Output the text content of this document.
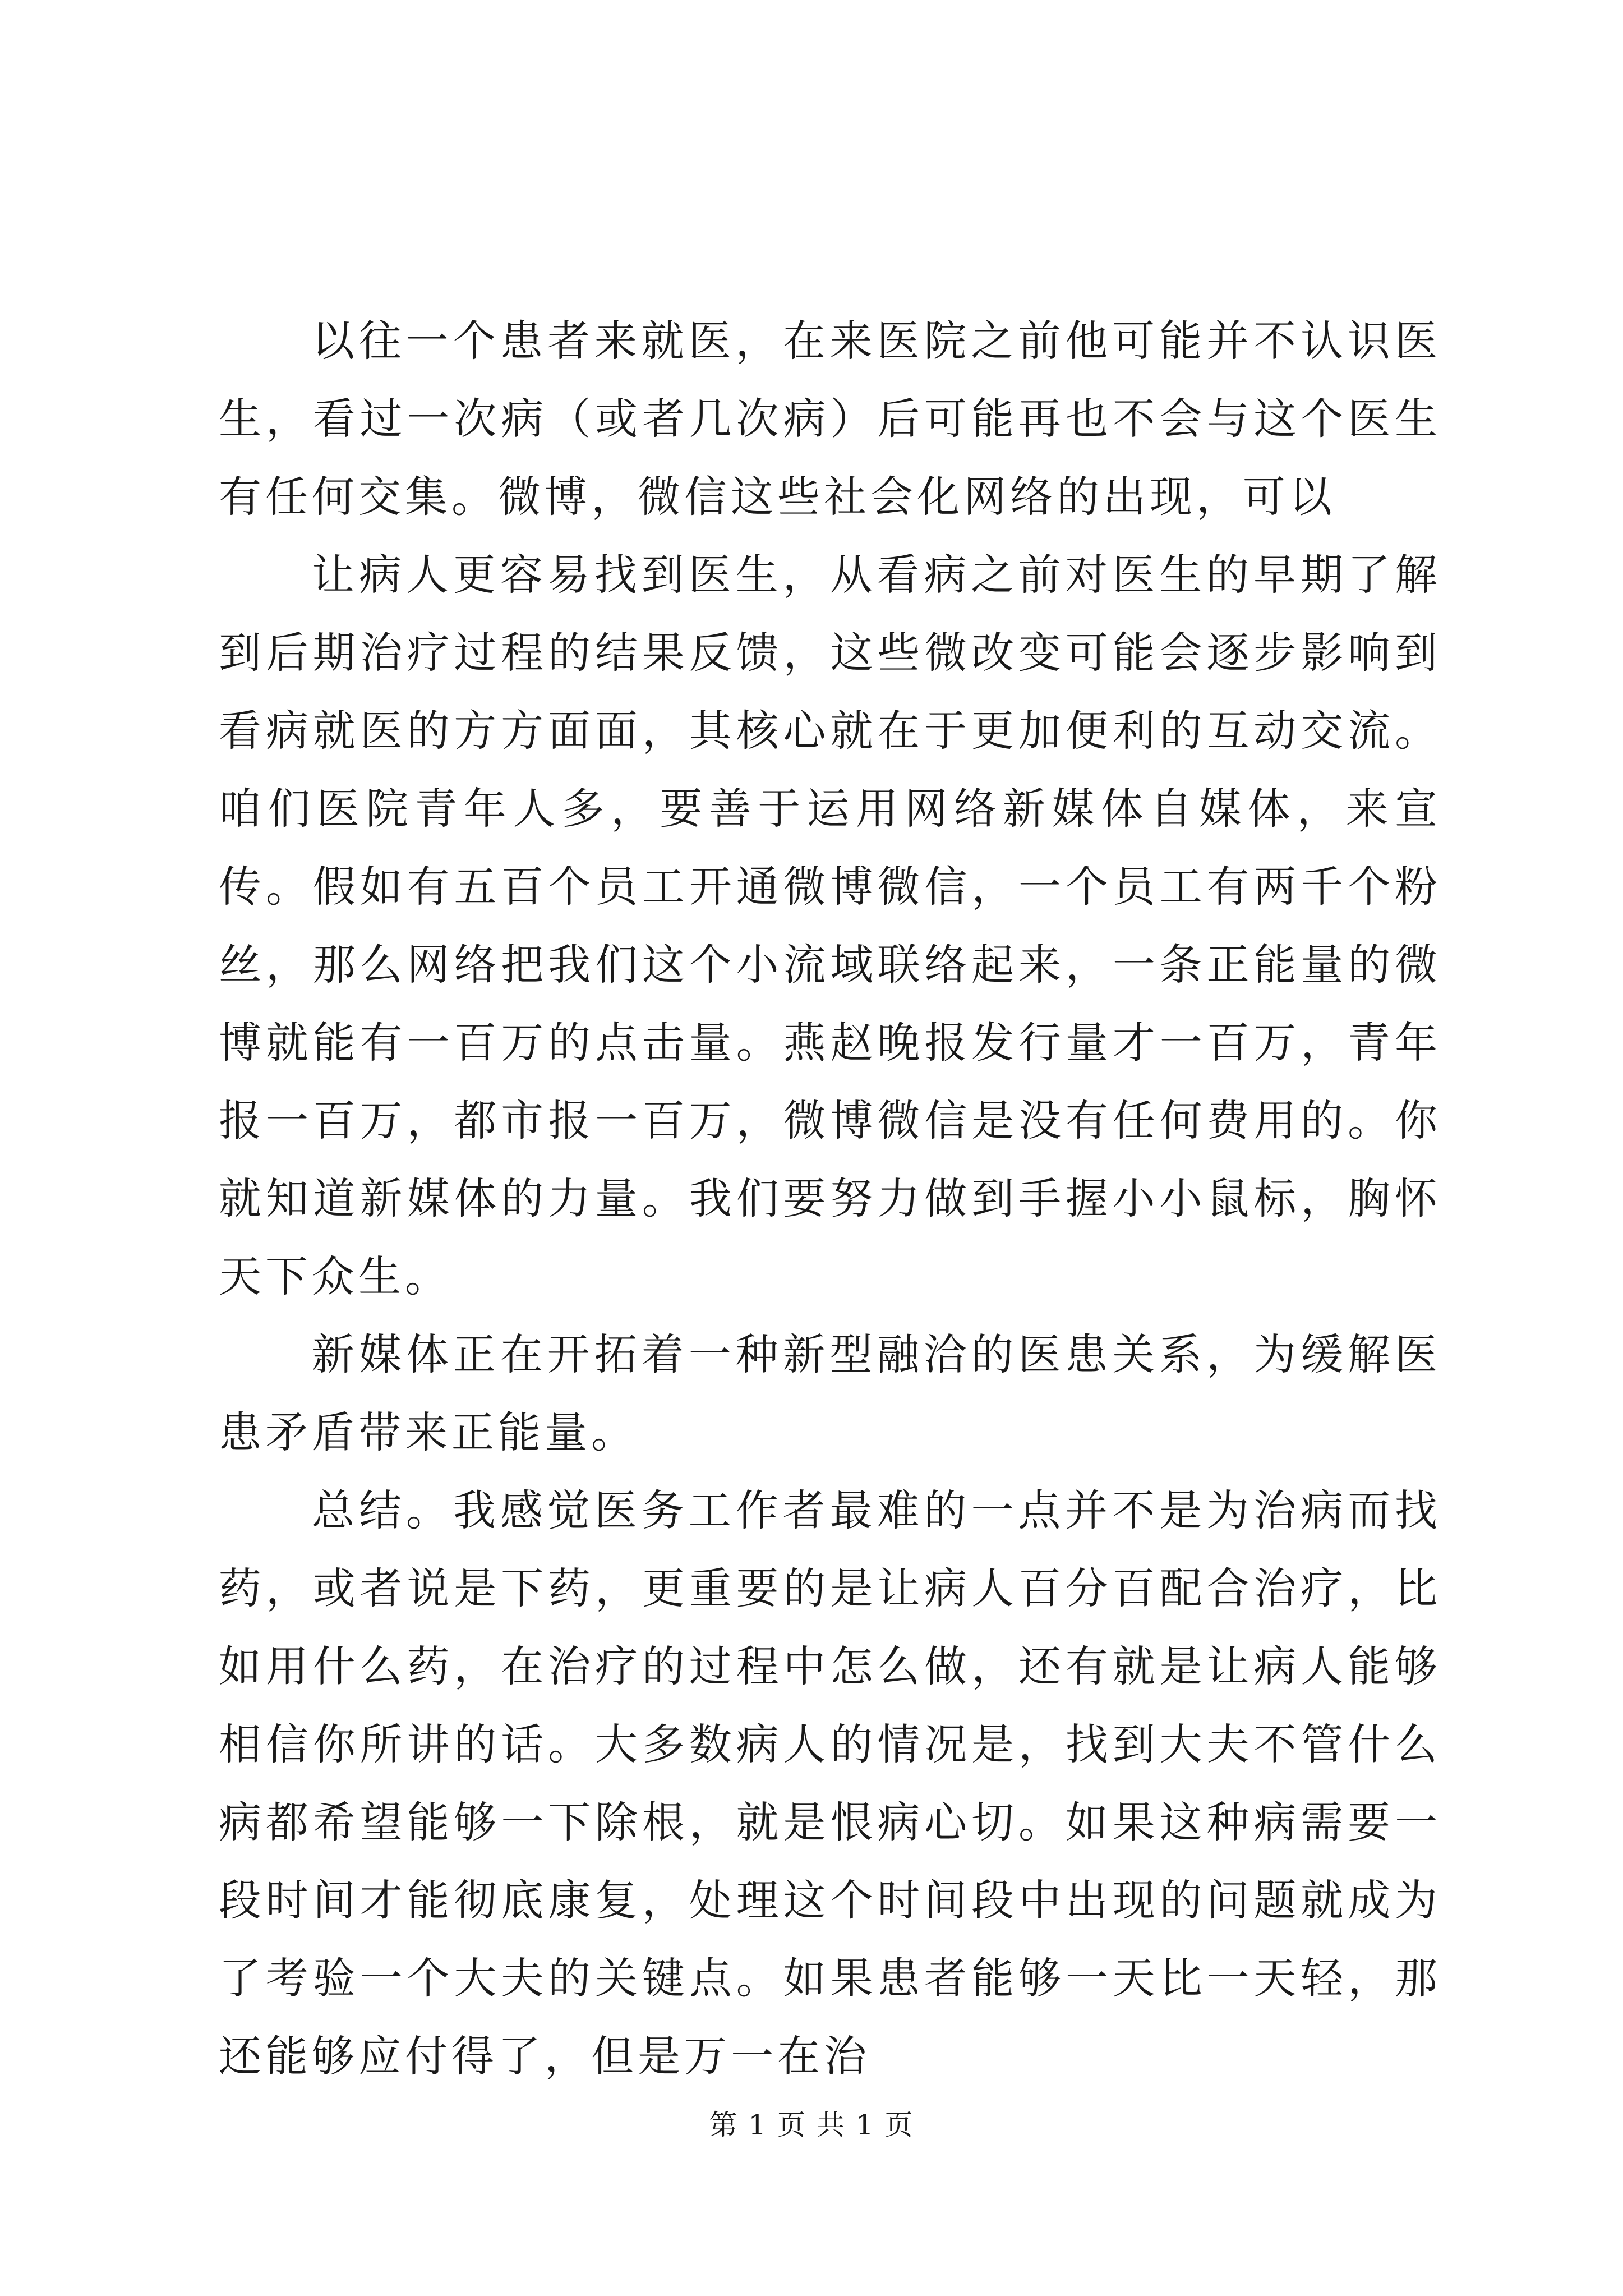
以往一个患者来就医，在来医院之前他可能并不认识医生，看过一次病（或者几次病）后可能再也不会与这个医生有任何交集。微博，微信这些社会化网络的出现，可以

让病人更容易找到医生，从看病之前对医生的早期了解到后期治疗过程的结果反馈，这些微改变可能会逐步影响到看病就医的方方面面，其核心就在于更加便利的互动交流。咱们医院青年人多，要善于运用网络新媒体自媒体，来宣传。假如有五百个员工开通微博微信，一个员工有两千个粉丝，那么网络把我们这个小流域联络起来，一条正能量的微博就能有一百万的点击量。燕赵晚报发行量才一百万，青年报一百万，都市报一百万，微博微信是没有任何费用的。你就知道新媒体的力量。我们要努力做到手握小小鼠标，胸怀天下众生。

新媒体正在开拓着一种新型融洽的医患关系，为缓解医患矛盾带来正能量。

总结。我感觉医务工作者最难的一点并不是为治病而找药，或者说是下药，更重要的是让病人百分百配合治疗，比如用什么药，在治疗的过程中怎么做，还有就是让病人能够相信你所讲的话。大多数病人的情况是，找到大夫不管什么病都希望能够一下除根，就是恨病心切。如果这种病需要一段时间才能彻底康复，处理这个时间段中出现的问题就成为了考验一个大夫的关键点。如果患者能够一天比一天轻，那还能够应付得了，但是万一在治

第 1 页 共 1 页
